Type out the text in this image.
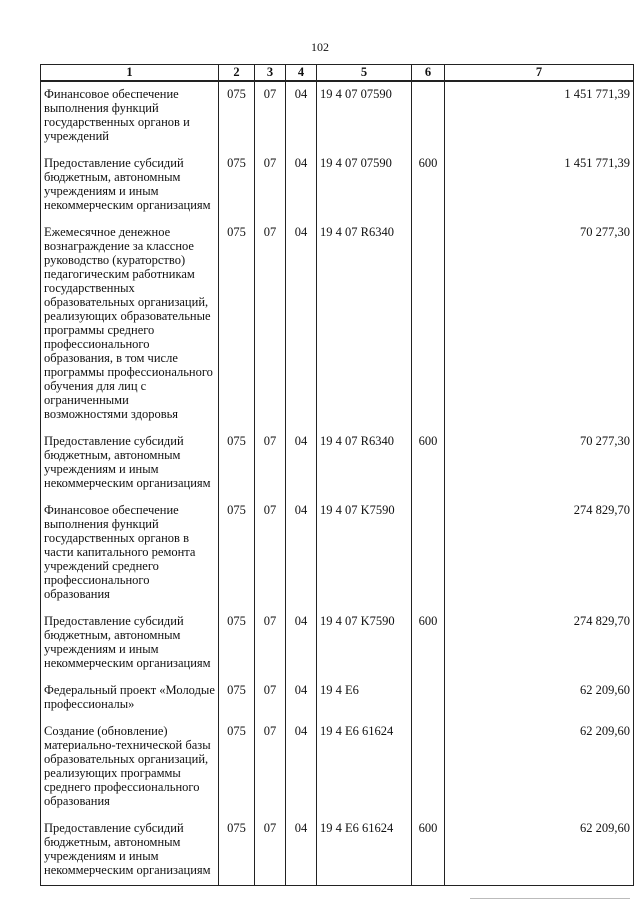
102
1	2	3	4	5	6	7
Финансовое обеспечение выполнения функций государственных органов и учреждений	075	07	04	19 4 07 07590		1 451 771,39
Предоставление субсидий бюджетным, автономным учреждениям и иным некоммерческим организациям	075	07	04	19 4 07 07590	600	1 451 771,39
Ежемесячное денежное вознаграждение за классное руководство (кураторство) педагогическим работникам государственных образовательных организаций, реализующих образовательные программы среднего профессионального образования, в том числе программы профессионального обучения для лиц с ограниченными возможностями здоровья	075	07	04	19 4 07 R6340		70 277,30
Предоставление субсидий бюджетным, автономным учреждениям и иным некоммерческим организациям	075	07	04	19 4 07 R6340	600	70 277,30
Финансовое обеспечение выполнения функций государственных органов в части капитального ремонта учреждений среднего профессионального образования	075	07	04	19 4 07 K7590		274 829,70
Предоставление субсидий бюджетным, автономным учреждениям и иным некоммерческим организациям	075	07	04	19 4 07 K7590	600	274 829,70
Федеральный проект «Молодые профессионалы»	075	07	04	19 4 E6		62 209,60
Создание (обновление) материально-технической базы образовательных организаций, реализующих программы среднего профессионального образования	075	07	04	19 4 E6 61624		62 209,60
Предоставление субсидий бюджетным, автономным учреждениям и иным некоммерческим организациям	075	07	04	19 4 E6 61624	600	62 209,60
